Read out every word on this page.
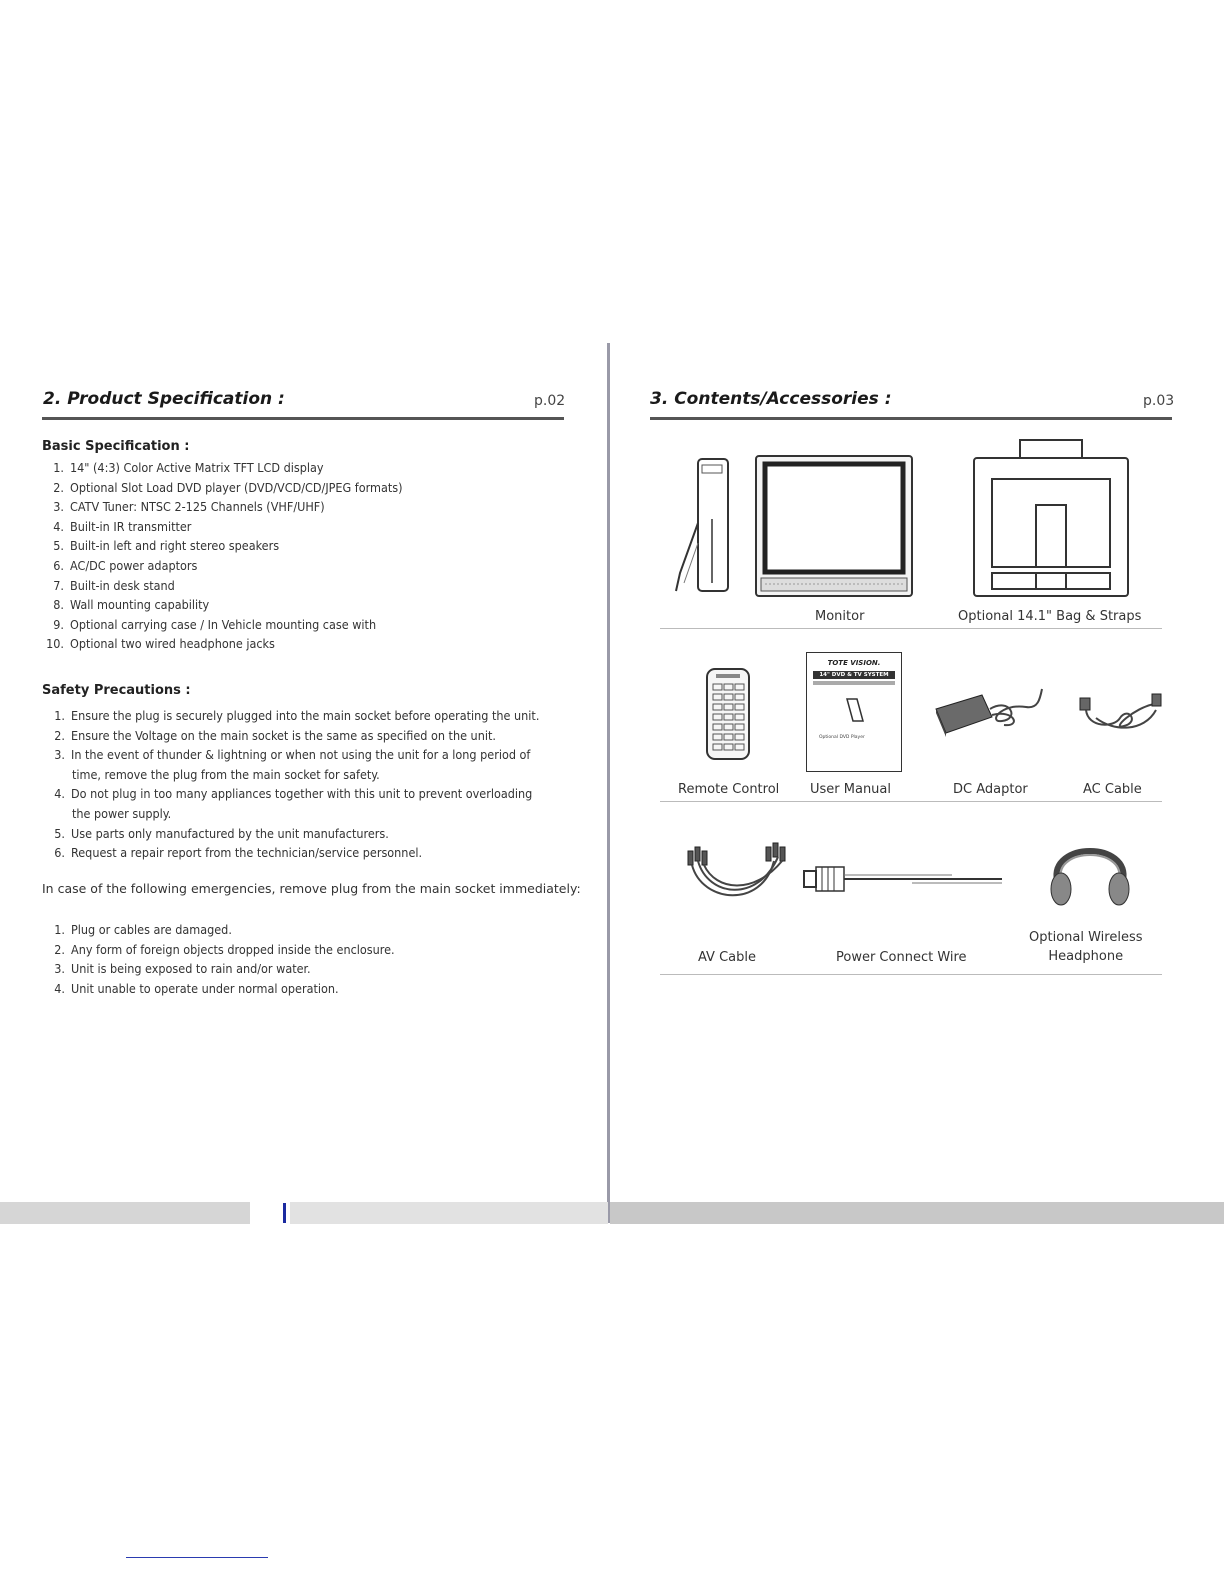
2. Product Specification :	p.02
Basic Specification :
1. 14" (4:3) Color Active Matrix TFT LCD display
2. Optional Slot Load DVD player (DVD/VCD/CD/JPEG formats)
3. CATV Tuner: NTSC 2-125 Channels (VHF/UHF)
4. Built-in IR transmitter
5. Built-in left and right stereo speakers
6. AC/DC power adaptors
7. Built-in desk stand
8. Wall mounting capability
9. Optional carrying case / In Vehicle mounting case with
10. Optional two wired headphone jacks
Safety Precautions :
1. Ensure the plug is securely plugged into the main socket before operating the unit.
2. Ensure the Voltage on the main socket is the same as specified on the unit.
3. In the event of thunder & lightning or when not using the unit for a long period of
time, remove the plug from the main socket for safety.
4. Do not plug in too many appliances together with this unit to prevent overloading
the power supply.
5. Use parts only manufactured by the unit manufacturers.
6. Request a repair report from the technician/service personnel.
In case of the following emergencies, remove plug from the main socket immediately:
1. Plug or cables are damaged.
2. Any form of foreign objects dropped inside the enclosure.
3. Unit is being exposed to rain and/or water.
4. Unit unable to operate under normal operation.
3. Contents/Accessories :	p.03
Monitor	Optional 14.1" Bag & Straps
TOTE VISION.
14" DVD & TV SYSTEM
Optional DVD Player
Remote Control User Manual	DC Adaptor	AC Cable
AV Cable	Power Connect Wire
Optional Wireless
Headphone
